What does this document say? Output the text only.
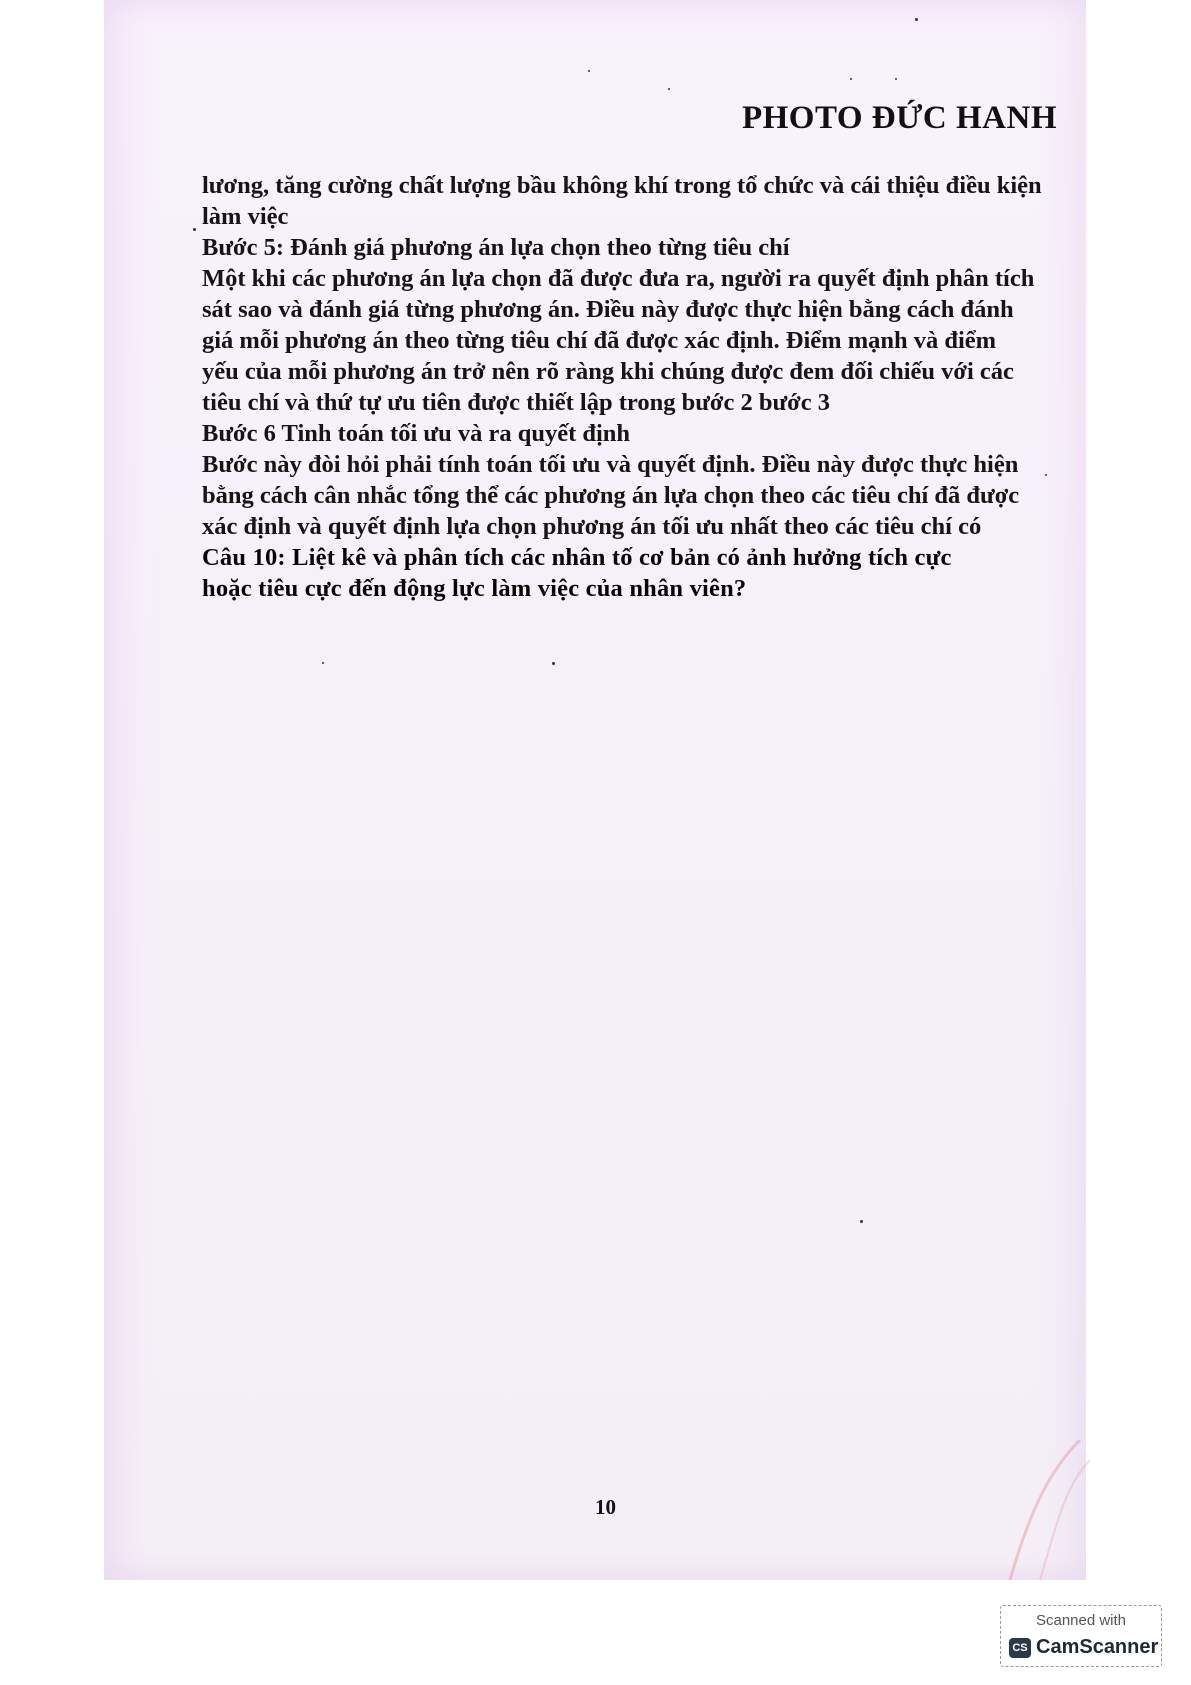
PHOTO ĐỨC HANH

lương, tăng cường chất lượng bầu không khí trong tổ chức và cái thiệu điều kiện

làm việc

Bước 5: Đánh giá phương án lựa chọn theo từng tiêu chí

Một khi các phương án lựa chọn đã được đưa ra, người ra quyết định phân tích

sát sao và đánh giá từng phương án. Điều này được thực hiện bằng cách đánh

giá mỗi phương án theo từng tiêu chí đã được xác định. Điểm mạnh và điểm

yếu của mỗi phương án trở nên rõ ràng khi chúng được đem đối chiếu với các

tiêu chí và thứ tự ưu tiên được thiết lập trong bước 2 bước 3

Bước 6 Tinh toán tối ưu và ra quyết định

Bước này đòi hỏi phải tính toán tối ưu và quyết định. Điều này được thực hiện

bằng cách cân nhắc tổng thể các phương án lựa chọn theo các tiêu chí đã được

xác định và quyết định lựa chọn phương án tối ưu nhất theo các tiêu chí có

Câu 10: Liệt kê và phân tích các nhân tố cơ bản có ảnh hưởng tích cực

hoặc tiêu cực đến động lực làm việc của nhân viên?

10
Scanned with
CS CamScanner
